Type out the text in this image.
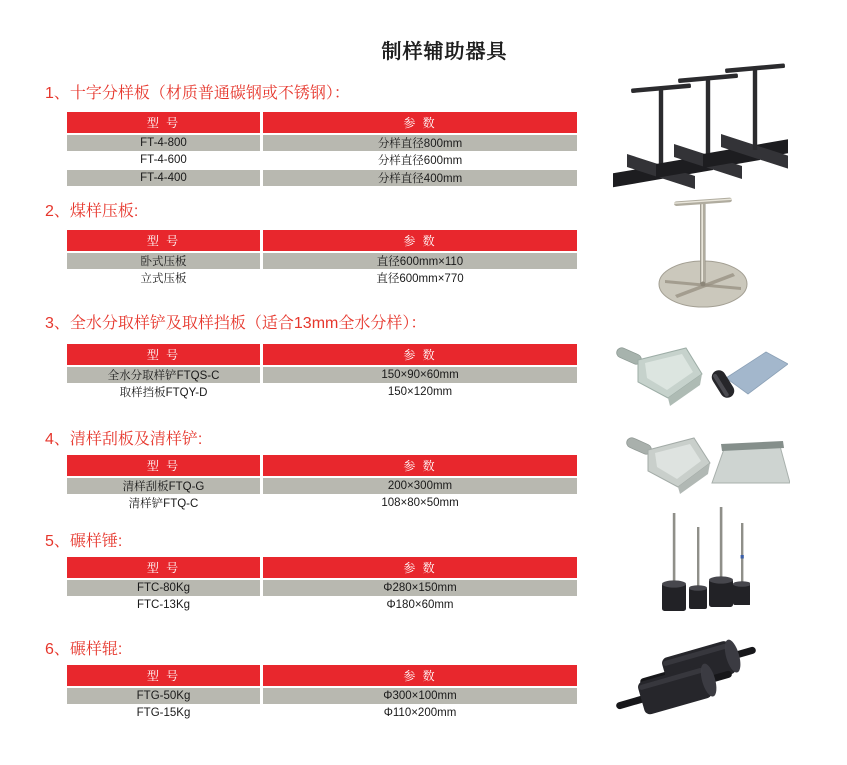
制样辅助器具
1、十字分样板（材质普通碳钢或不锈钢）：
型 号	参 数
FT-4-800	分样直径800mm
FT-4-600	分样直径600mm
FT-4-400	分样直径400mm
2、煤样压板:
型 号	参 数
卧式压板	直径600mm×110
立式压板	直径600mm×770
3、全水分取样铲及取样挡板（适合13mm全水分样）：
型 号	参 数
全水分取样铲FTQS-C	150×90×60mm
取样挡板FTQY-D	150×120mm
4、清样刮板及清样铲:
型 号	参 数
清样刮板FTQ-G	200×300mm
清样铲FTQ-C	108×80×50mm
5、碾样锤:
型 号	参 数
FTC-80Kg	Φ280×150mm
FTC-13Kg	Φ180×60mm
6、碾样辊:
型 号	参 数
FTG-50Kg	Φ300×100mm
FTG-15Kg	Φ110×200mm
